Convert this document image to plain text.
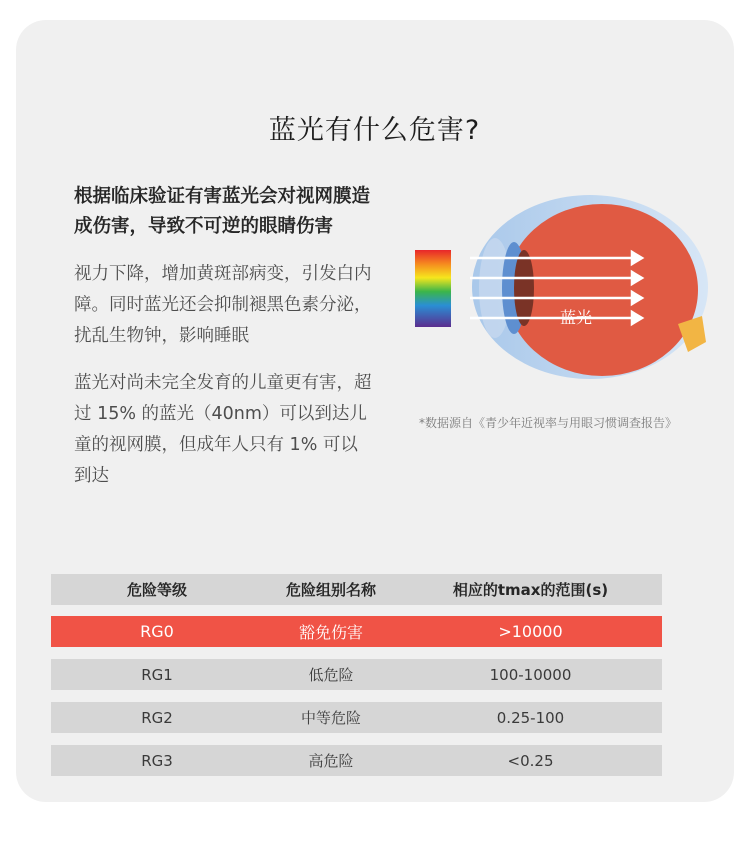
蓝光有什么危害?
根据临床验证有害蓝光会对视网膜造成伤害，导致不可逆的眼睛伤害
视力下降，增加黄斑部病变，引发白内障。同时蓝光还会抑制褪黑色素分泌，扰乱生物钟，影响睡眠
蓝光对尚未完全发育的儿童更有害，超过 15% 的蓝光（40nm）可以到达儿童的视网膜，但成年人只有 1% 可以到达
蓝光
*数据源自《青少年近视率与用眼习惯调查报告》
危险等级	危险组别名称	相应的tmax的范围(s)
RG0	豁免伤害	>10000
RG1	低危险	100-10000
RG2	中等危险	0.25-100
RG3	高危险	<0.25
